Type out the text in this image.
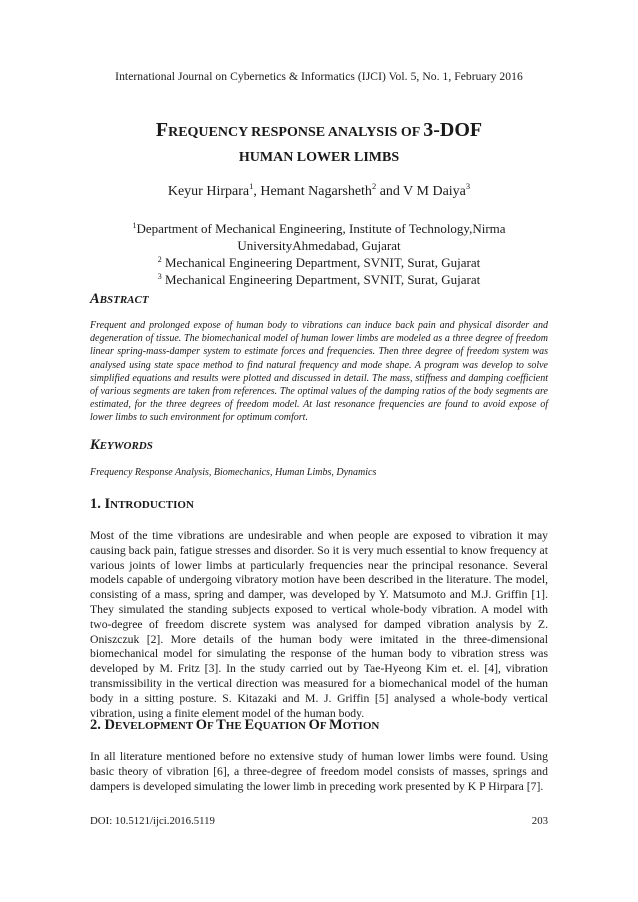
International Journal on Cybernetics & Informatics (IJCI) Vol. 5, No. 1, February 2016
FREQUENCY RESPONSE ANALYSIS OF 3-DOF
HUMAN LOWER LIMBS
Keyur Hirpara$^1$, Hemant Nagarsheth$^2$ and V M Daiya$^3$
$^1$Department of Mechanical Engineering, Institute of Technology,Nirma
UniversityAhmedabad, Gujarat
$^2$ Mechanical Engineering Department, SVNIT, Surat, Gujarat
$^3$ Mechanical Engineering Department, SVNIT, Surat, Gujarat
ABSTRACT

Frequent and prolonged expose of human body to vibrations can induce back pain and physical disorder and degeneration of tissue. The biomechanical model of human lower limbs are modeled as a three degree of freedom linear spring-mass-damper system to estimate forces and frequencies. Then three degree of freedom system was analysed using state space method to find natural frequency and mode shape. A program was develop to solve simplified equations and results were plotted and discussed in detail. The mass, stiffness and damping coefficient of various segments are taken from references. The optimal values of the damping ratios of the body segments are estimated, for the three degrees of freedom model. At last resonance frequencies are found to avoid expose of lower limbs to such environment for optimum comfort.

KEYWORDS

Frequency Response Analysis, Biomechanics, Human Limbs, Dynamics

1. INTRODUCTION

Most of the time vibrations are undesirable and when people are exposed to vibration it may causing back pain, fatigue stresses and disorder. So it is very much essential to know frequency at various joints of lower limbs at particularly frequencies near the principal resonance. Several models capable of undergoing vibratory motion have been described in the literature. The model, consisting of a mass, spring and damper, was developed by Y. Matsumoto and M.J. Griffin [1]. They simulated the standing subjects exposed to vertical whole-body vibration. A model with two-degree of freedom discrete system was analysed for damped vibration analysis by Z. Oniszczuk [2]. More details of the human body were imitated in the three-dimensional biomechanical model for simulating the response of the human body to vibration stress was developed by M. Fritz [3]. In the study carried out by Tae-Hyeong Kim et. el. [4], vibration transmissibility in the vertical direction was measured for a biomechanical model of the human body in a sitting posture. S. Kitazaki and M. J. Griffin [5] analysed a whole-body vertical vibration, using a finite element model of the human body.

2. DEVELOPMENT OF THE EQUATION OF MOTION

In all literature mentioned before no extensive study of human lower limbs were found. Using basic theory of vibration [6], a three-degree of freedom model consists of masses, springs and dampers is developed simulating the lower limb in preceding work presented by K P Hirpara [7].

DOI: 10.5121/ijci.2016.5119	203
